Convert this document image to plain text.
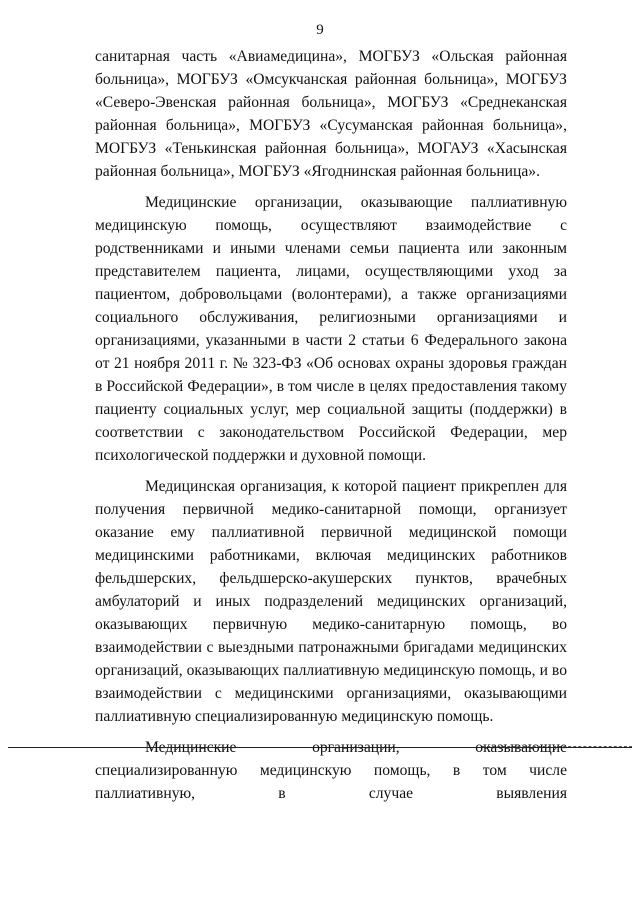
9

санитарная часть «Авиамедицина», МОГБУЗ «Ольская районная больница», МОГБУЗ «Омсукчанская районная больница», МОГБУЗ «Северо-Эвенская районная больница», МОГБУЗ «Среднеканская районная больница», МОГБУЗ «Сусуманская районная больница», МОГБУЗ «Тенькинская районная больница», МОГАУЗ «Хасынская районная больница», МОГБУЗ «Ягоднинская районная больница».

Медицинские организации, оказывающие паллиативную медицинскую помощь, осуществляют взаимодействие с родственниками и иными членами семьи пациента или законным представителем пациента, лицами, осуществляющими уход за пациентом, добровольцами (волонтерами), а также организациями социального обслуживания, религиозными организациями и организациями, указанными в части 2 статьи 6 Федерального закона от 21 ноября 2011 г. № 323-ФЗ «Об основах охраны здоровья граждан в Российской Федерации», в том числе в целях предоставления такому пациенту социальных услуг, мер социальной защиты (поддержки) в соответствии с законодательством Российской Федерации, мер психологической поддержки и духовной помощи.

Медицинская организация, к которой пациент прикреплен для получения первичной медико-санитарной помощи, организует оказание ему паллиативной первичной медицинской помощи медицинскими работниками, включая медицинских работников фельдшерских, фельдшерско-акушерских пунктов, врачебных амбулаторий и иных подразделений медицинских организаций, оказывающих первичную медико-санитарную помощь, во взаимодействии с выездными патронажными бригадами медицинских организаций, оказывающих паллиативную медицинскую помощь, и во взаимодействии с медицинскими организациями, оказывающими паллиативную специализированную медицинскую помощь.

Медицинские организации, оказывающие специализированную медицинскую помощь, в том числе паллиативную, в случае выявления
